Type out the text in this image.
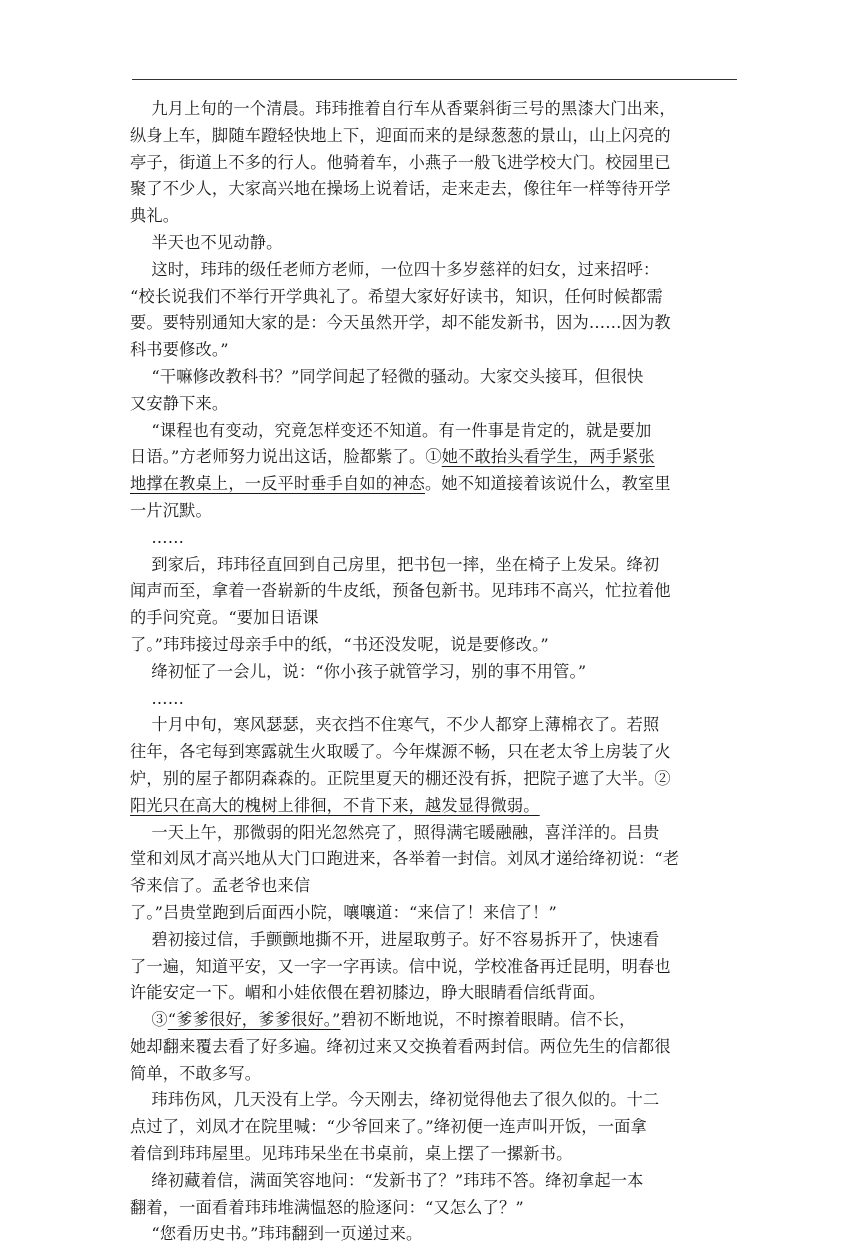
九月上旬的一个清晨。玮玮推着自行车从香粟斜街三号的黑漆大门出来，
纵身上车，脚随车蹬轻快地上下，迎面而来的是绿葱葱的景山，山上闪亮的
亭子，街道上不多的行人。他骑着车，小燕子一般飞进学校大门。校园里已
聚了不少人，大家高兴地在操场上说着话，走来走去，像往年一样等待开学
典礼。
半天也不见动静。
这时，玮玮的级任老师方老师，一位四十多岁慈祥的妇女，过来招呼：
“校长说我们不举行开学典礼了。希望大家好好读书，知识，任何时候都需
要。要特别通知大家的是：今天虽然开学，却不能发新书，因为……因为教
科书要修改。”
“干嘛修改教科书？”同学间起了轻微的骚动。大家交头接耳，但很快
又安静下来。
“课程也有变动，究竟怎样变还不知道。有一件事是肯定的，就是要加
日语。”方老师努力说出这话，脸都紫了。①她不敢抬头看学生，两手紧张
地撑在教桌上，一反平时垂手自如的神态。她不知道接着该说什么，教室里
一片沉默。
……
到家后，玮玮径直回到自己房里，把书包一摔，坐在椅子上发呆。绛初
闻声而至，拿着一沓崭新的牛皮纸，预备包新书。见玮玮不高兴，忙拉着他
的手问究竟。“要加日语课
了。”玮玮接过母亲手中的纸，“书还没发呢，说是要修改。”
绛初怔了一会儿，说：“你小孩子就管学习，别的事不用管。”
……
十月中旬，寒风瑟瑟，夹衣挡不住寒气，不少人都穿上薄棉衣了。若照
往年，各宅每到寒露就生火取暖了。今年煤源不畅，只在老太爷上房装了火
炉，别的屋子都阴森森的。正院里夏天的棚还没有拆，把院子遮了大半。②
阳光只在高大的槐树上徘徊，不肯下来，越发显得微弱。
一天上午，那微弱的阳光忽然亮了，照得满宅暖融融，喜洋洋的。吕贵
堂和刘凤才高兴地从大门口跑进来，各举着一封信。刘凤才递给绛初说：“老
爷来信了。孟老爷也来信
了。”吕贵堂跑到后面西小院，嚷嚷道：“来信了！来信了！”
碧初接过信，手颤颤地撕不开，进屋取剪子。好不容易拆开了，快速看
了一遍，知道平安，又一字一字再读。信中说，学校准备再迁昆明，明春也
许能安定一下。嵋和小娃依偎在碧初膝边，睁大眼睛看信纸背面。
③“爹爹很好，爹爹很好。”碧初不断地说，不时擦着眼睛。信不长，
她却翻来覆去看了好多遍。绛初过来又交换着看两封信。两位先生的信都很
简单，不敢多写。
玮玮伤风，几天没有上学。今天刚去，绛初觉得他去了很久似的。十二
点过了，刘凤才在院里喊：“少爷回来了。”绛初便一连声叫开饭，一面拿
着信到玮玮屋里。见玮玮呆坐在书桌前，桌上摆了一摞新书。
绛初藏着信，满面笑容地问：“发新书了？”玮玮不答。绛初拿起一本
翻着，一面看着玮玮堆满愠怒的脸逐问：“又怎么了？”
“您看历史书。”玮玮翻到一页递过来。
